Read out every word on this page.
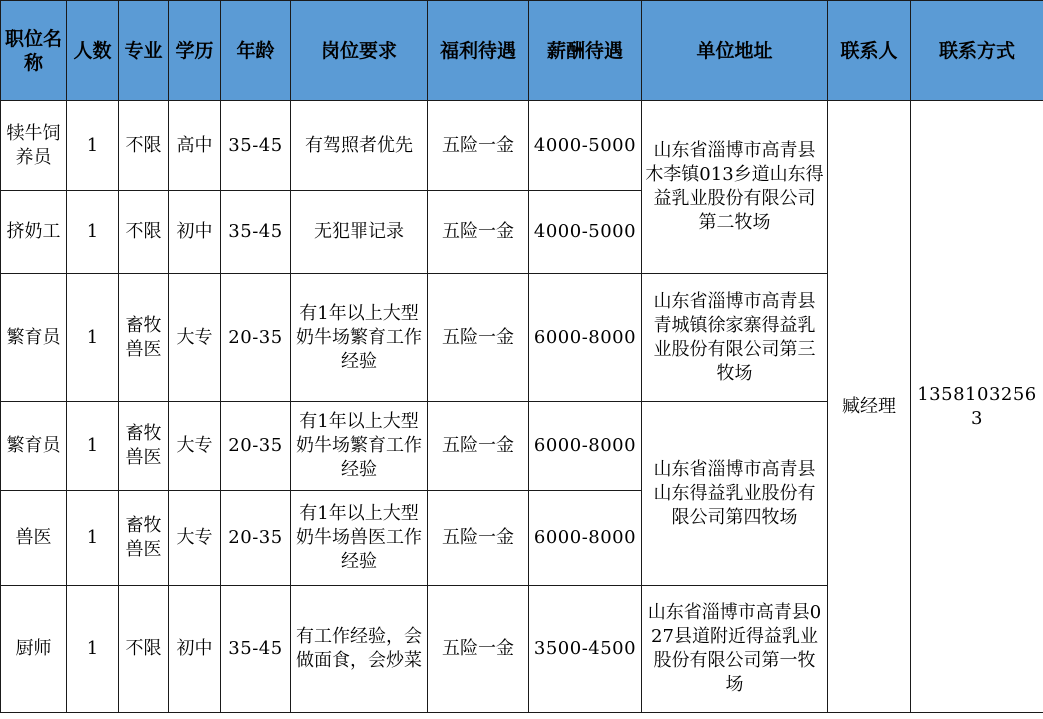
职位名称	人数	专业	学历	年龄	岗位要求	福利待遇	薪酬待遇	单位地址	联系人	联系方式
犊牛饲养员	1	不限	高中	35-45	有驾照者优先	五险一金	4000-5000	山东省淄博市高青县木李镇013乡道山东得益乳业股份有限公司第二牧场	臧经理	13581032563
挤奶工	1	不限	初中	35-45	无犯罪记录	五险一金	4000-5000			
繁育员	1	畜牧兽医	大专	20-35	有1年以上大型奶牛场繁育工作经验	五险一金	6000-8000	山东省淄博市高青县青城镇徐家寨得益乳业股份有限公司第三牧场		
繁育员	1	畜牧兽医	大专	20-35	有1年以上大型奶牛场繁育工作经验	五险一金	6000-8000	山东省淄博市高青县山东得益乳业股份有限公司第四牧场		
兽医	1	畜牧兽医	大专	20-35	有1年以上大型奶牛场兽医工作经验	五险一金	6000-8000			
厨师	1	不限	初中	35-45	有工作经验，会做面食，会炒菜	五险一金	3500-4500	山东省淄博市高青县027县道附近得益乳业股份有限公司第一牧场		
